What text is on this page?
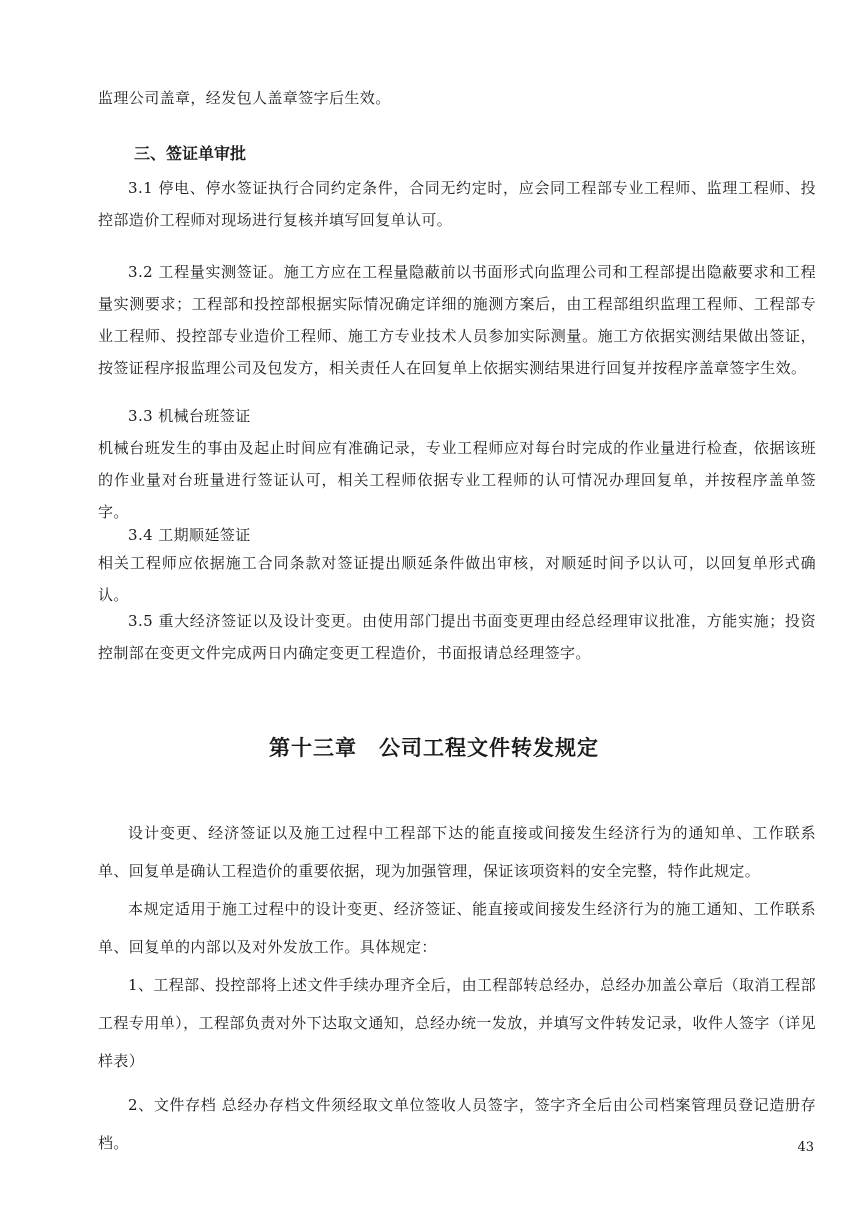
监理公司盖章，经发包人盖章签字后生效。

三、签证单审批

3.1 停电、停水签证执行合同约定条件，合同无约定时，应会同工程部专业工程师、监理工程师、投控部造价工程师对现场进行复核并填写回复单认可。

3.2 工程量实测签证。施工方应在工程量隐蔽前以书面形式向监理公司和工程部提出隐蔽要求和工程量实测要求；工程部和投控部根据实际情况确定详细的施测方案后，由工程部组织监理工程师、工程部专业工程师、投控部专业造价工程师、施工方专业技术人员参加实际测量。施工方依据实测结果做出签证，按签证程序报监理公司及包发方，相关责任人在回复单上依据实测结果进行回复并按程序盖章签字生效。

3.3 机械台班签证

机械台班发生的事由及起止时间应有准确记录，专业工程师应对每台时完成的作业量进行检查，依据该班的作业量对台班量进行签证认可，相关工程师依据专业工程师的认可情况办理回复单，并按程序盖单签字。

3.4 工期顺延签证

相关工程师应依据施工合同条款对签证提出顺延条件做出审核，对顺延时间予以认可，以回复单形式确认。

3.5 重大经济签证以及设计变更。由使用部门提出书面变更理由经总经理审议批准，方能实施；投资控制部在变更文件完成两日内确定变更工程造价，书面报请总经理签字。

第十三章　公司工程文件转发规定

设计变更、经济签证以及施工过程中工程部下达的能直接或间接发生经济行为的通知单、工作联系单、回复单是确认工程造价的重要依据，现为加强管理，保证该项资料的安全完整，特作此规定。

本规定适用于施工过程中的设计变更、经济签证、能直接或间接发生经济行为的施工通知、工作联系单、回复单的内部以及对外发放工作。具体规定：

1、工程部、投控部将上述文件手续办理齐全后，由工程部转总经办，总经办加盖公章后（取消工程部工程专用单），工程部负责对外下达取文通知，总经办统一发放，并填写文件转发记录，收件人签字（详见样表）

2、文件存档 总经办存档文件须经取文单位签收人员签字，签字齐全后由公司档案管理员登记造册存档。	43
